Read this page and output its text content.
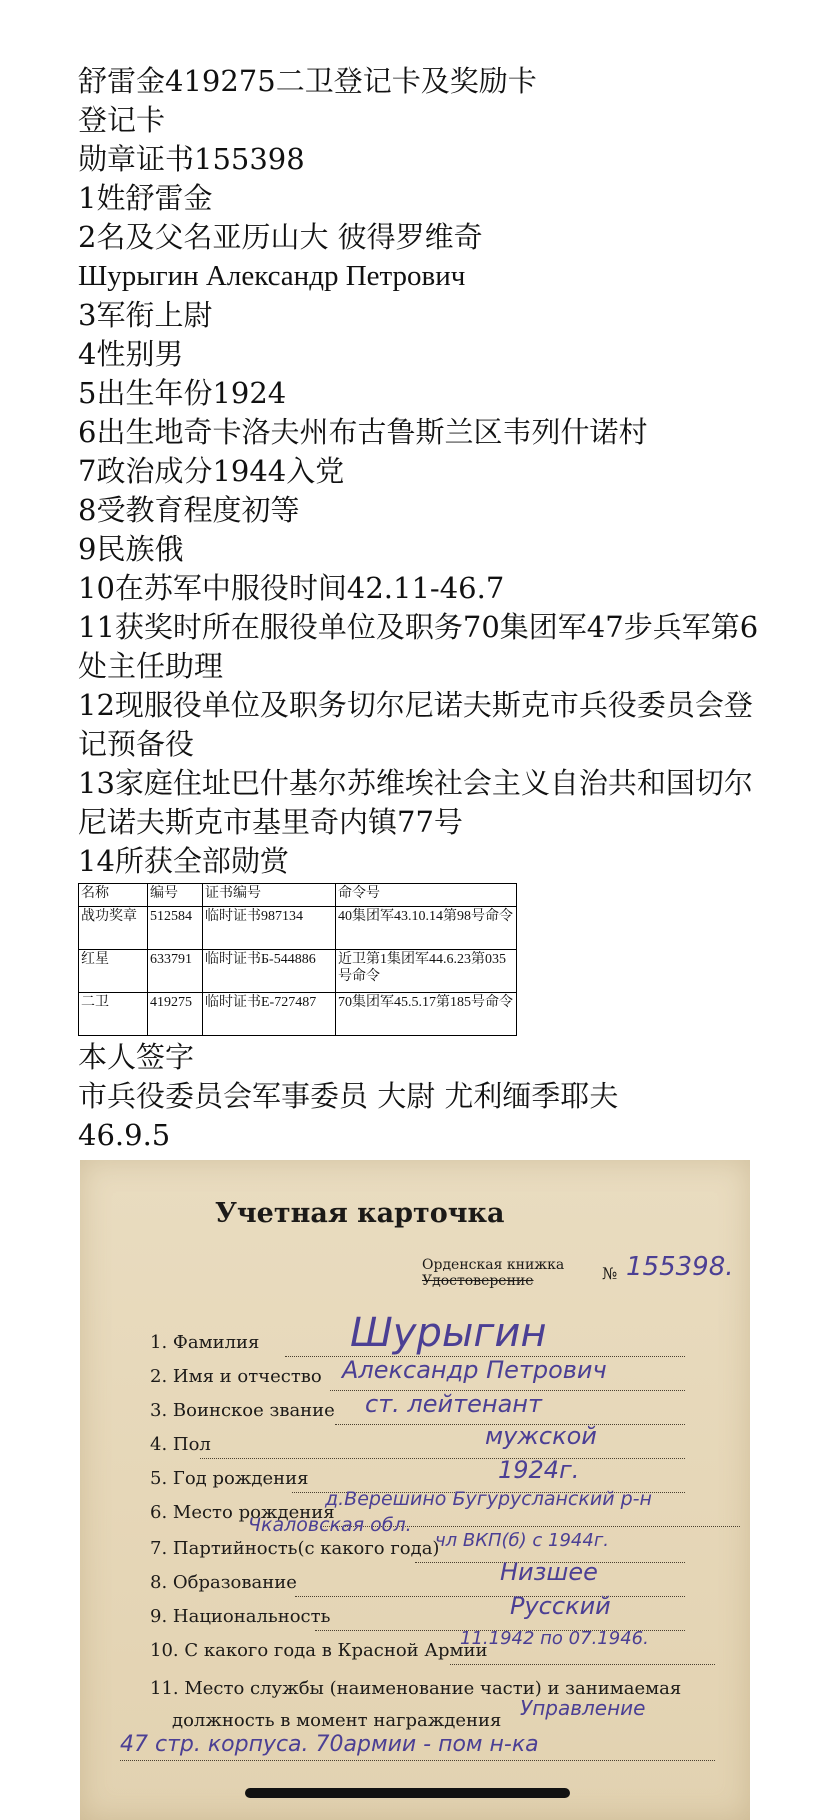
舒雷金419275二卫登记卡及奖励卡

登记卡

勋章证书155398

1姓舒雷金

2名及父名亚历山大 彼得罗维奇

Шурыгин Александр Петрович

3军衔上尉

4性别男

5出生年份1924

6出生地奇卡洛夫州布古鲁斯兰区韦列什诺村

7政治成分1944入党

8受教育程度初等

9民族俄

10在苏军中服役时间42.11-46.7

11获奖时所在服役单位及职务70集团军47步兵军第6处主任助理

12现服役单位及职务切尔尼诺夫斯克市兵役委员会登记预备役

13家庭住址巴什基尔苏维埃社会主义自治共和国切尔尼诺夫斯克市基里奇内镇77号

14所获全部勋赏

名称	编号	证书编号	命令号
战功奖章	512584	临时证书987134	40集团军43.10.14第98号命令
红星	633791	临时证书Б-544886	近卫第1集团军44.6.23第035号命令
二卫	419275	临时证书Е-727487	70集团军45.5.17第185号命令

本人签字

市兵役委员会军事委员 大尉 尤利缅季耶夫

46.9.5

Учетная карточка
Орденская книжка
Удостоверение	№ 155398.
1. Фамилия Шурыгин
2. Имя и отчество Александр Петрович
3. Воинское звание ст. лейтенант
4. Пол	мужской
5. Год рождения	1924г.
6. Место рождения
д.Верешино Бугурусланский р-н
Чкаловская обл.
7. Партийность(с какого года)
чл ВКП(б) с 1944г.
8. Образование	Низшее
9. Национальность	Русский
10. С какого года в Красной Армии
11.1942 по 07.1946.
11. Место службы (наименование части) и занимаемая
должность в момент награждения
Управление
47 стр. корпуса. 70армии - пом н-ка
